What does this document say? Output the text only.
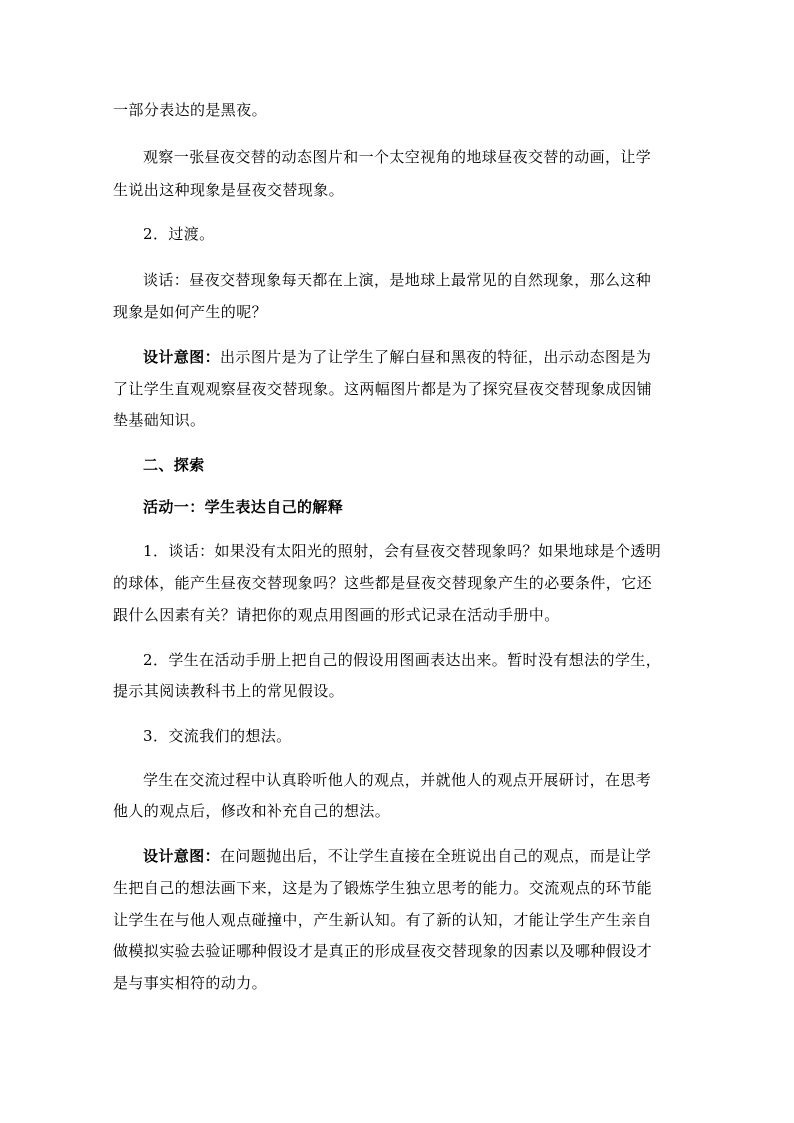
一部分表达的是黑夜。
观察一张昼夜交替的动态图片和一个太空视角的地球昼夜交替的动画，让学
生说出这种现象是昼夜交替现象。
2．过渡。
谈话：昼夜交替现象每天都在上演，是地球上最常见的自然现象，那么这种
现象是如何产生的呢？
设计意图：出示图片是为了让学生了解白昼和黑夜的特征，出示动态图是为
了让学生直观观察昼夜交替现象。这两幅图片都是为了探究昼夜交替现象成因铺
垫基础知识。
二、探索
活动一：学生表达自己的解释
1．谈话：如果没有太阳光的照射，会有昼夜交替现象吗？如果地球是个透明
的球体，能产生昼夜交替现象吗？这些都是昼夜交替现象产生的必要条件，它还
跟什么因素有关？请把你的观点用图画的形式记录在活动手册中。
2．学生在活动手册上把自己的假设用图画表达出来。暂时没有想法的学生，
提示其阅读教科书上的常见假设。
3．交流我们的想法。
学生在交流过程中认真聆听他人的观点，并就他人的观点开展研讨，在思考
他人的观点后，修改和补充自己的想法。
设计意图：在问题抛出后，不让学生直接在全班说出自己的观点，而是让学
生把自己的想法画下来，这是为了锻炼学生独立思考的能力。交流观点的环节能
让学生在与他人观点碰撞中，产生新认知。有了新的认知，才能让学生产生亲自
做模拟实验去验证哪种假设才是真正的形成昼夜交替现象的因素以及哪种假设才
是与事实相符的动力。
